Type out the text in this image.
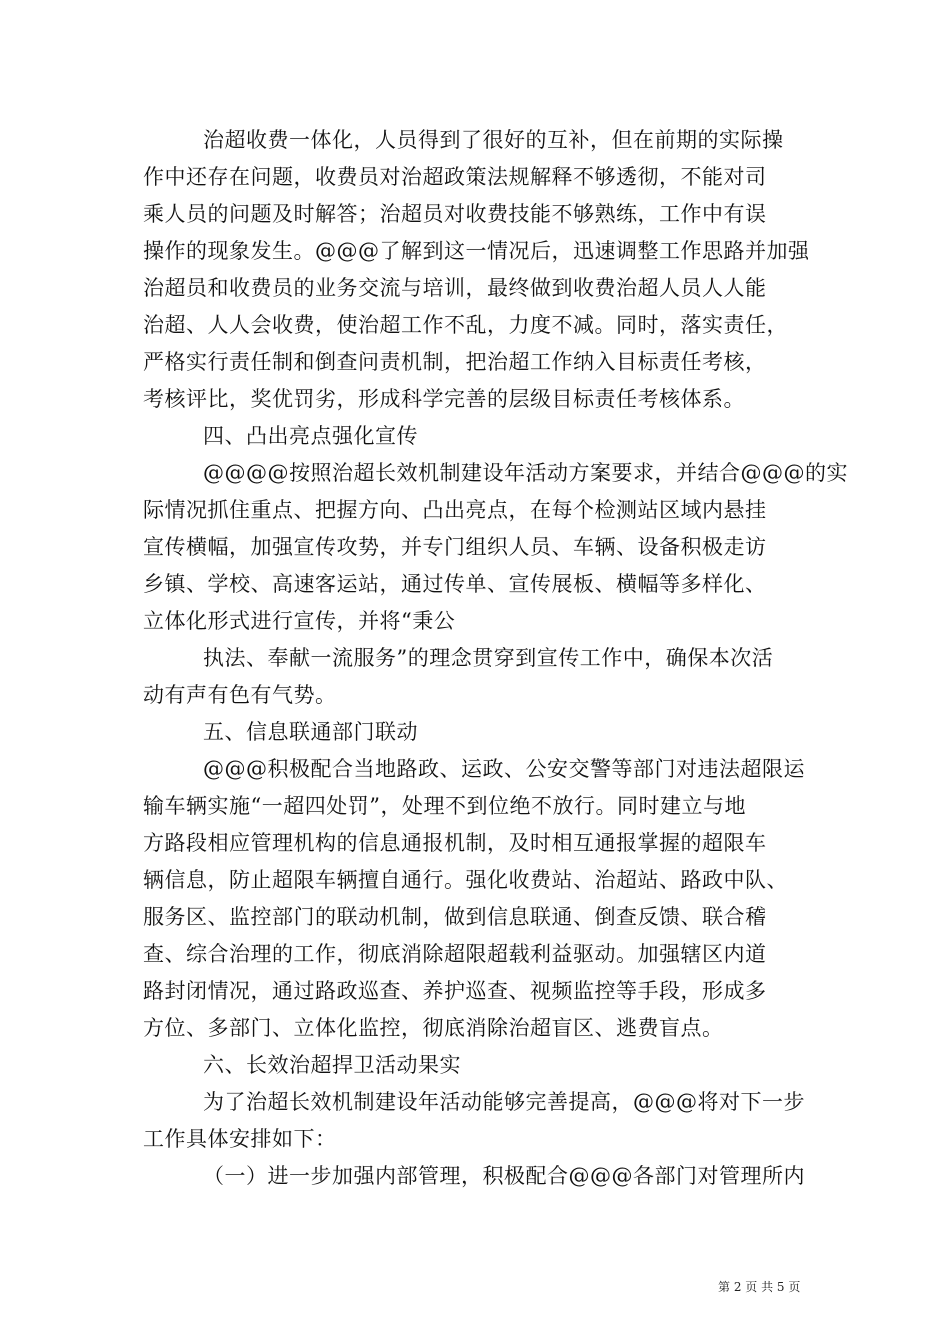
治超收费一体化，人员得到了很好的互补，但在前期的实际操
作中还存在问题，收费员对治超政策法规解释不够透彻，不能对司
乘人员的问题及时解答；治超员对收费技能不够熟练，工作中有误
操作的现象发生。@@@了解到这一情况后，迅速调整工作思路并加强
治超员和收费员的业务交流与培训，最终做到收费治超人员人人能
治超、人人会收费，使治超工作不乱，力度不减。同时，落实责任，
严格实行责任制和倒查问责机制，把治超工作纳入目标责任考核，
考核评比，奖优罚劣，形成科学完善的层级目标责任考核体系。
四、凸出亮点强化宣传
@@@@按照治超长效机制建设年活动方案要求，并结合@@@的实
际情况抓住重点、把握方向、凸出亮点，在每个检测站区域内悬挂
宣传横幅，加强宣传攻势，并专门组织人员、车辆、设备积极走访
乡镇、学校、高速客运站，通过传单、宣传展板、横幅等多样化、
立体化形式进行宣传，并将“秉公
执法、奉献一流服务”的理念贯穿到宣传工作中，确保本次活
动有声有色有气势。
五、信息联通部门联动
@@@积极配合当地路政、运政、公安交警等部门对违法超限运
输车辆实施“一超四处罚”，处理不到位绝不放行。同时建立与地
方路段相应管理机构的信息通报机制，及时相互通报掌握的超限车
辆信息，防止超限车辆擅自通行。强化收费站、治超站、路政中队、
服务区、监控部门的联动机制，做到信息联通、倒查反馈、联合稽
查、综合治理的工作，彻底消除超限超载利益驱动。加强辖区内道
路封闭情况，通过路政巡查、养护巡查、视频监控等手段，形成多
方位、多部门、立体化监控，彻底消除治超盲区、逃费盲点。
六、长效治超捍卫活动果实
为了治超长效机制建设年活动能够完善提高，@@@将对下一步
工作具体安排如下：
（一）进一步加强内部管理，积极配合@@@各部门对管理所内
第 2 页 共 5 页
